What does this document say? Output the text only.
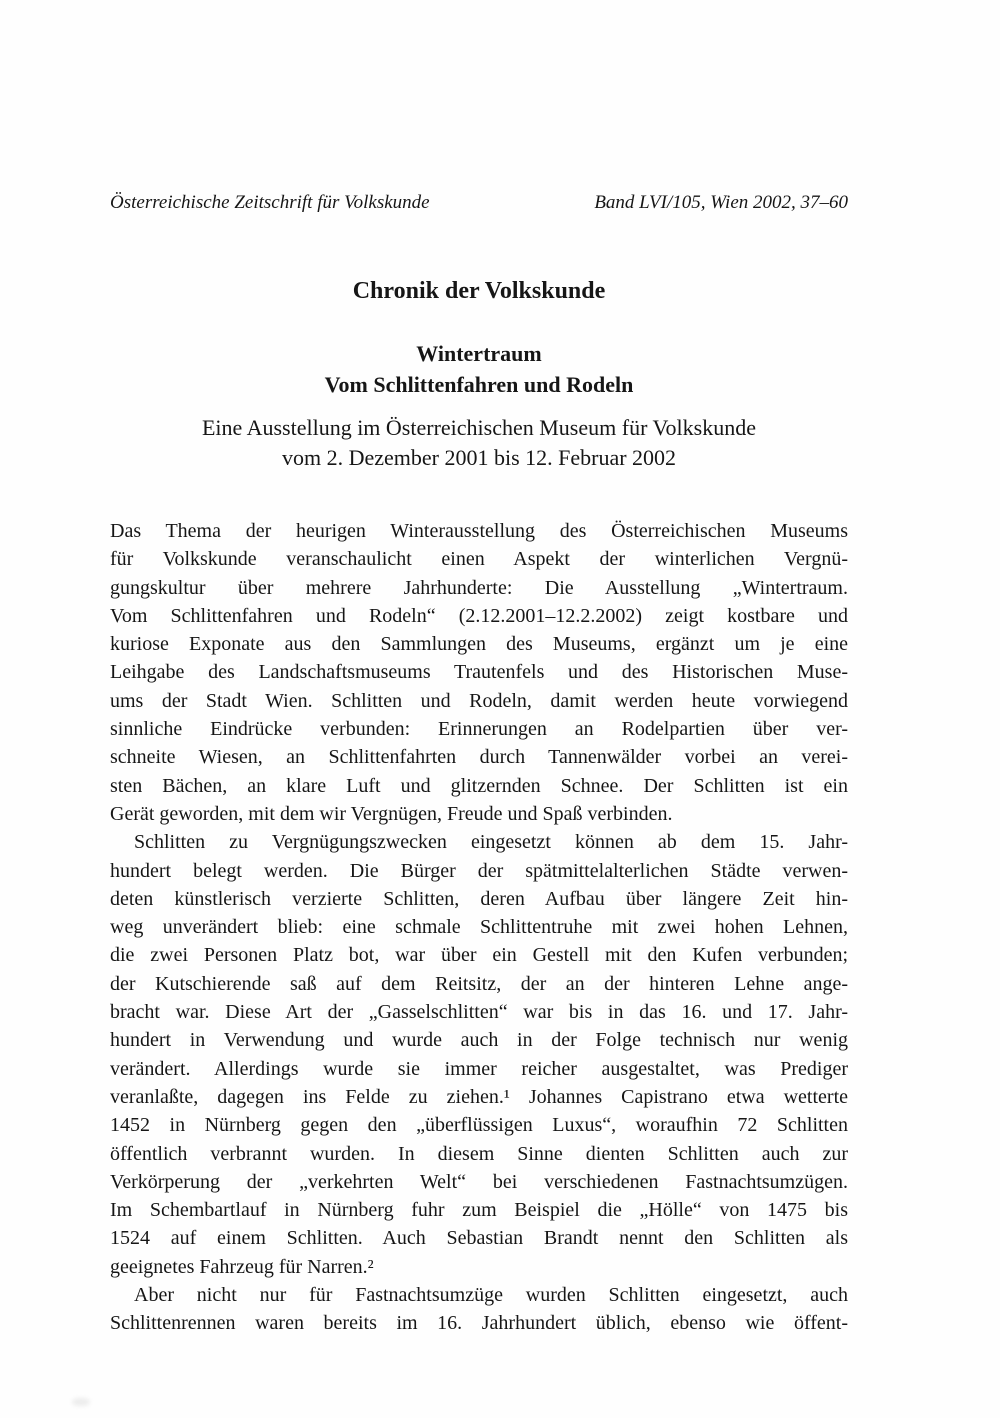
Österreichische Zeitschrift für Volkskunde	Band LVI/105, Wien 2002, 37–60
Chronik der Volkskunde
Wintertraum
Vom Schlittenfahren und Rodeln
Eine Ausstellung im Österreichischen Museum für Volkskunde
vom 2. Dezember 2001 bis 12. Februar 2002
Das Thema der heurigen Winterausstellung des Österreichischen Museums
für Volkskunde veranschaulicht einen Aspekt der winterlichen Vergnü-
gungskultur über mehrere Jahrhunderte: Die Ausstellung „Wintertraum.
Vom Schlittenfahren und Rodeln“ (2.12.2001–12.2.2002) zeigt kostbare und
kuriose Exponate aus den Sammlungen des Museums, ergänzt um je eine
Leihgabe des Landschaftsmuseums Trautenfels und des Historischen Muse-
ums der Stadt Wien. Schlitten und Rodeln, damit werden heute vorwiegend
sinnliche Eindrücke verbunden: Erinnerungen an Rodelpartien über ver-
schneite Wiesen, an Schlittenfahrten durch Tannenwälder vorbei an verei-
sten Bächen, an klare Luft und glitzernden Schnee. Der Schlitten ist ein
Gerät geworden, mit dem wir Vergnügen, Freude und Spaß verbinden.
Schlitten zu Vergnügungszwecken eingesetzt können ab dem 15. Jahr-
hundert belegt werden. Die Bürger der spätmittelalterlichen Städte verwen-
deten künstlerisch verzierte Schlitten, deren Aufbau über längere Zeit hin-
weg unverändert blieb: eine schmale Schlittentruhe mit zwei hohen Lehnen,
die zwei Personen Platz bot, war über ein Gestell mit den Kufen verbunden;
der Kutschierende saß auf dem Reitsitz, der an der hinteren Lehne ange-
bracht war. Diese Art der „Gasselschlitten“ war bis in das 16. und 17. Jahr-
hundert in Verwendung und wurde auch in der Folge technisch nur wenig
verändert. Allerdings wurde sie immer reicher ausgestaltet, was Prediger
veranlaßte, dagegen ins Felde zu ziehen.¹ Johannes Capistrano etwa wetterte
1452 in Nürnberg gegen den „überflüssigen Luxus“, woraufhin 72 Schlitten
öffentlich verbrannt wurden. In diesem Sinne dienten Schlitten auch zur
Verkörperung der „verkehrten Welt“ bei verschiedenen Fastnachtsumzügen.
Im Schembartlauf in Nürnberg fuhr zum Beispiel die „Hölle“ von 1475 bis
1524 auf einem Schlitten. Auch Sebastian Brandt nennt den Schlitten als
geeignetes Fahrzeug für Narren.²
Aber nicht nur für Fastnachtsumzüge wurden Schlitten eingesetzt, auch
Schlittenrennen waren bereits im 16. Jahrhundert üblich, ebenso wie öffent-
